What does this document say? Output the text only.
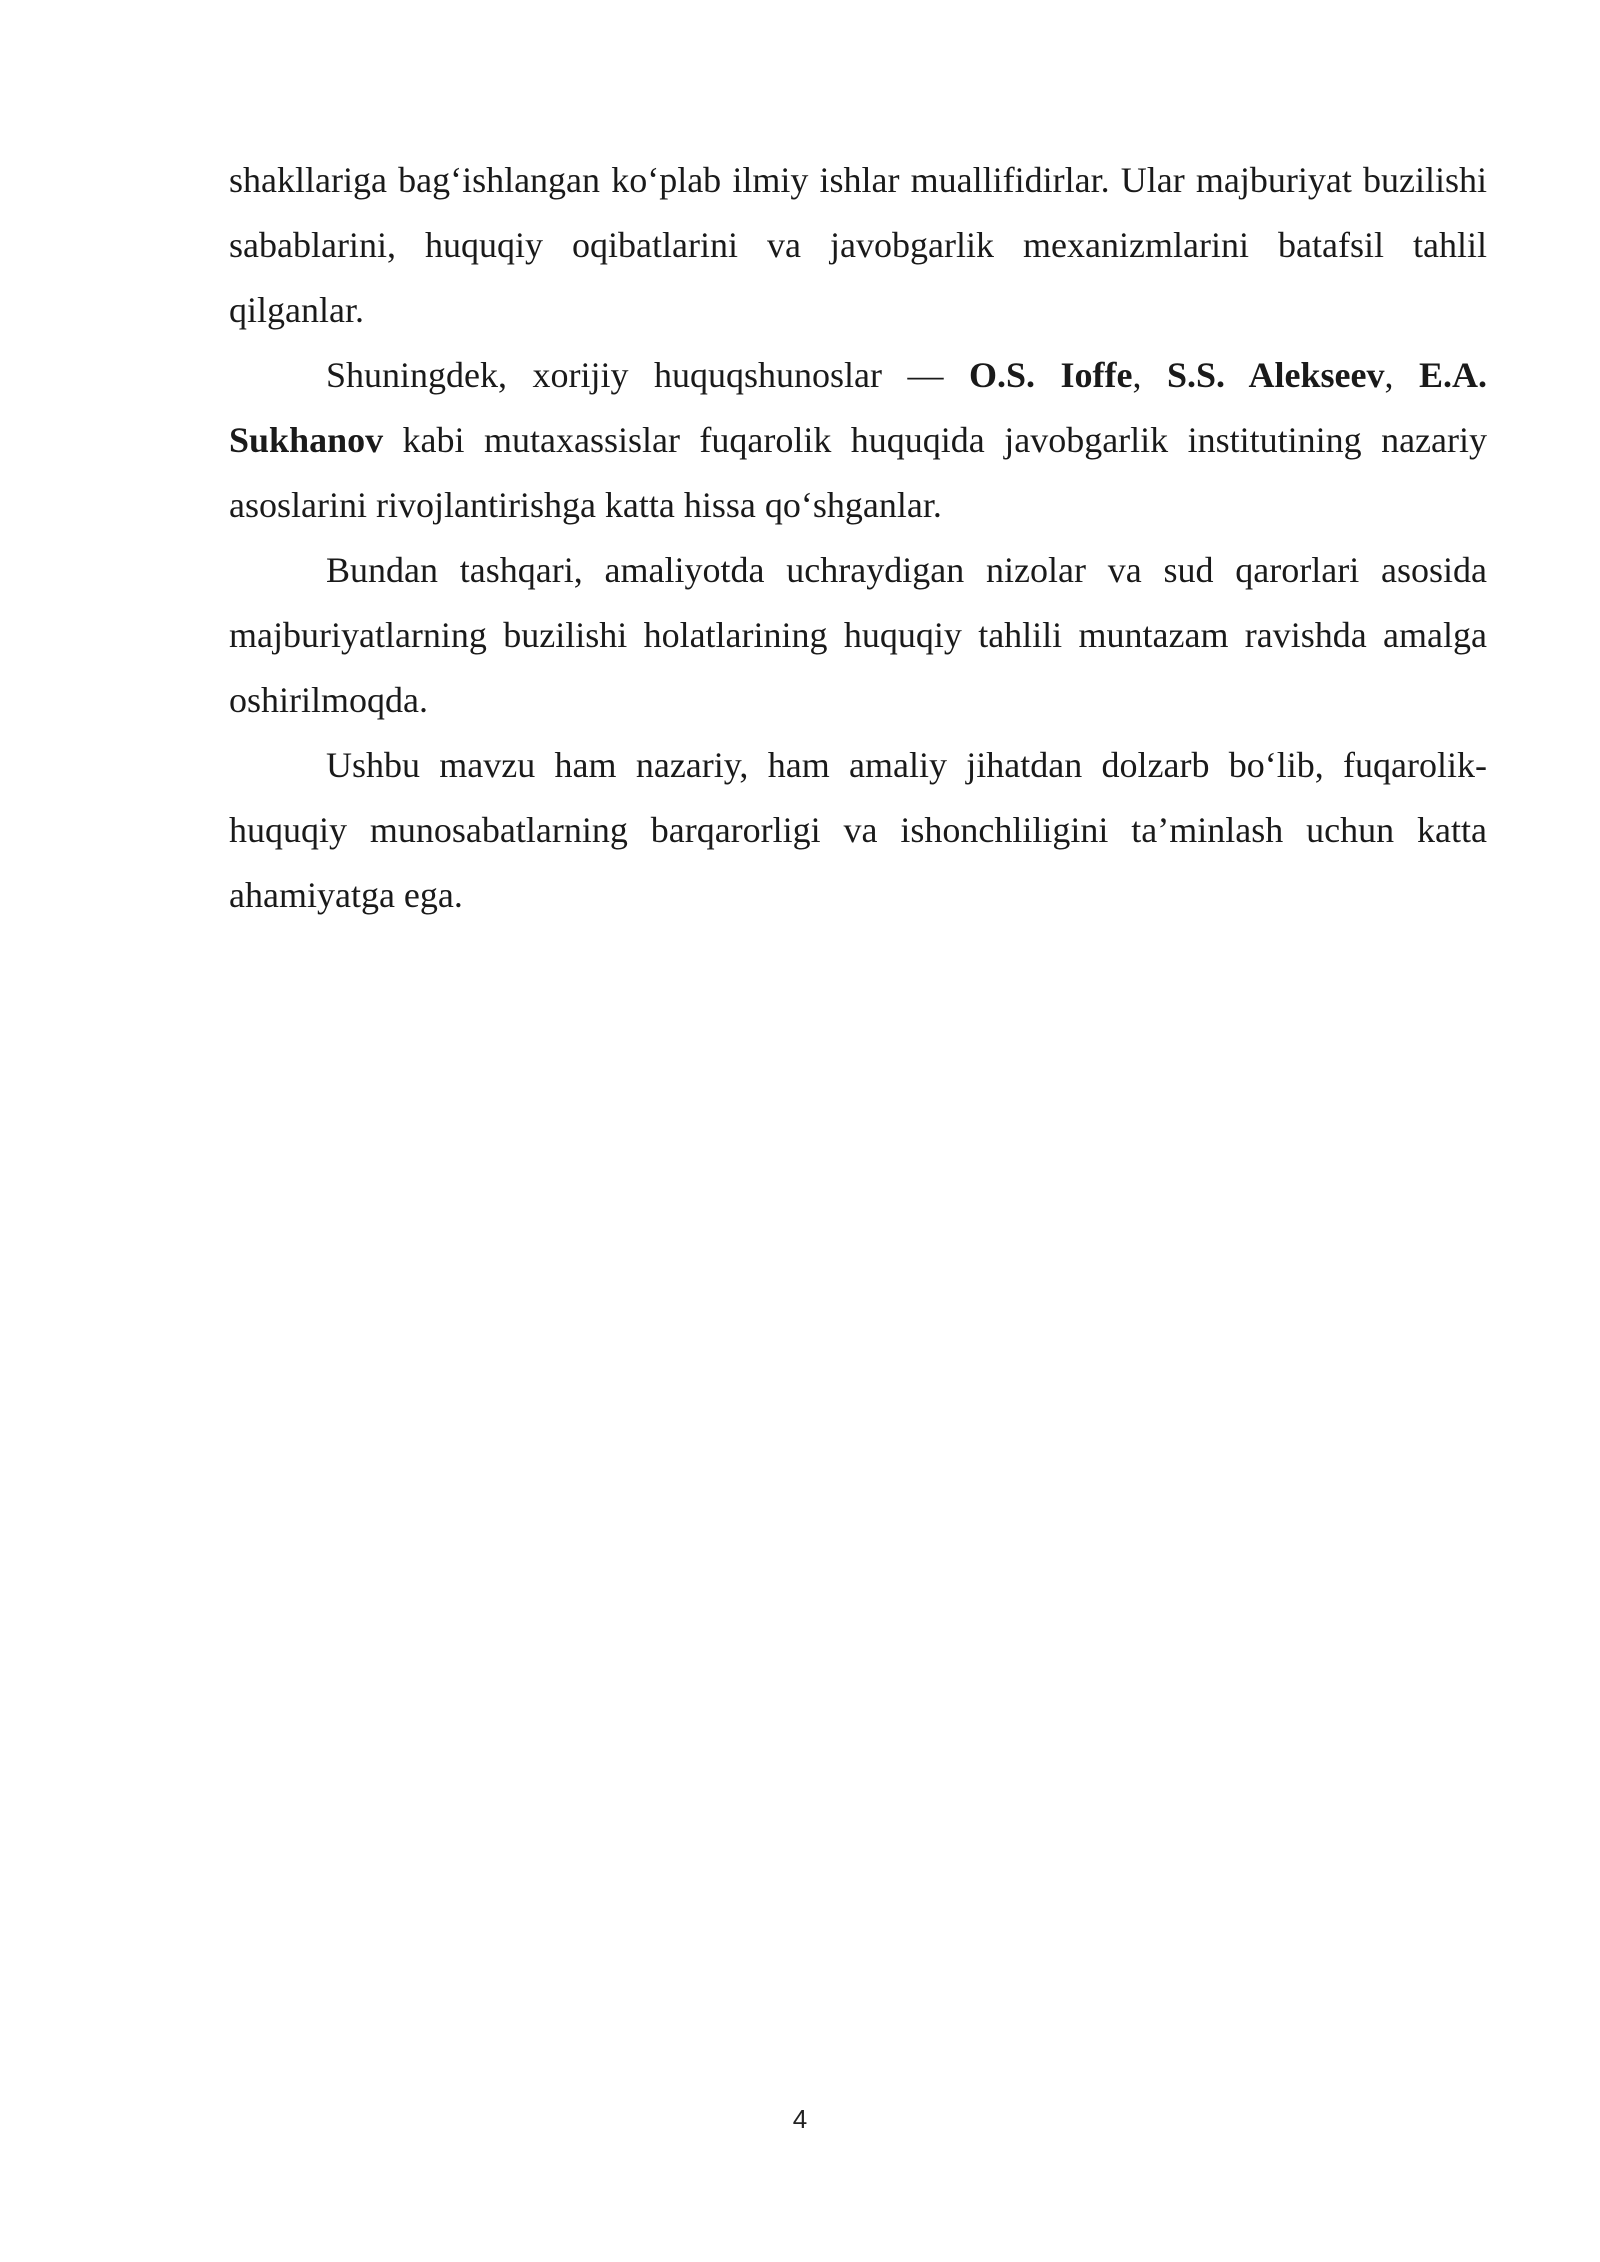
shakllariga bag‘ishlangan ko‘plab ilmiy ishlar muallifidirlar. Ular majburiyat buzilishi sabablarini, huquqiy oqibatlarini va javobgarlik mexanizmlarini batafsil tahlil qilganlar.

Shuningdek, xorijiy huquqshunoslar — O.S. Ioffe, S.S. Alekseev, E.A. Sukhanov kabi mutaxassislar fuqarolik huquqida javobgarlik institutining nazariy asoslarini rivojlantirishga katta hissa qo‘shganlar.

Bundan tashqari, amaliyotda uchraydigan nizolar va sud qarorlari asosida majburiyatlarning buzilishi holatlarining huquqiy tahlili muntazam ravishda amalga oshirilmoqda.

Ushbu mavzu ham nazariy, ham amaliy jihatdan dolzarb bo‘lib, fuqarolik-huquqiy munosabatlarning barqarorligi va ishonchliligini ta’minlash uchun katta ahamiyatga ega.

4
